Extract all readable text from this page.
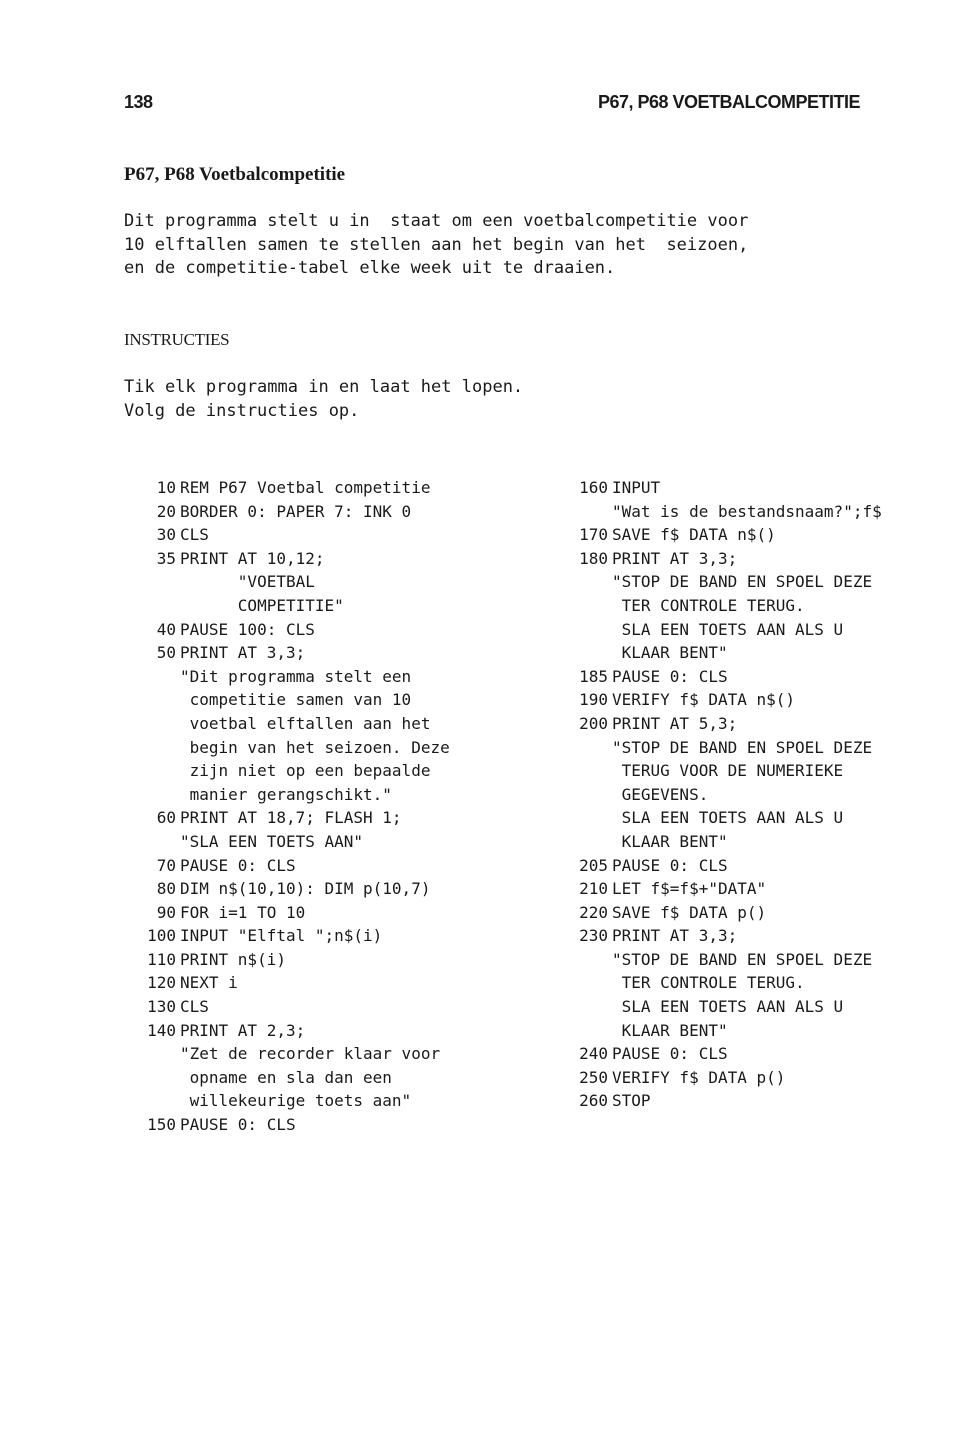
138	P67, P68 VOETBALCOMPETITIE
P67, P68 Voetbalcompetitie

Dit programma stelt u in  staat om een voetbalcompetitie voor
10 elftallen samen te stellen aan het begin van het  seizoen,
en de competitie-tabel elke week uit te draaien.

INSTRUCTIES

Tik elk programma in en laat het lopen.
Volg de instructies op.

10 REM P67 Voetbal competitie
20 BORDER 0: PAPER 7: INK 0
30 CLS
35 PRINT AT 10,12;
"VOETBAL
COMPETITIE"
40 PAUSE 100: CLS
50 PRINT AT 3,3;
"Dit programma stelt een
competitie samen van 10
voetbal elftallen aan het
begin van het seizoen. Deze
zijn niet op een bepaalde
manier gerangschikt."
60 PRINT AT 18,7; FLASH 1;
"SLA EEN TOETS AAN"
70 PAUSE 0: CLS
80 DIM n$(10,10): DIM p(10,7)
90 FOR i=1 TO 10
100 INPUT "Elftal ";n$(i)
110 PRINT n$(i)
120 NEXT i
130 CLS
140 PRINT AT 2,3;
"Zet de recorder klaar voor
opname en sla dan een
willekeurige toets aan"
150 PAUSE 0: CLS
160 INPUT
"Wat is de bestandsnaam?";f$
170 SAVE f$ DATA n$()
180 PRINT AT 3,3;
"STOP DE BAND EN SPOEL DEZE
TER CONTROLE TERUG.
SLA EEN TOETS AAN ALS U
KLAAR BENT"
185 PAUSE 0: CLS
190 VERIFY f$ DATA n$()
200 PRINT AT 5,3;
"STOP DE BAND EN SPOEL DEZE
TERUG VOOR DE NUMERIEKE
GEGEVENS.
SLA EEN TOETS AAN ALS U
KLAAR BENT"
205 PAUSE 0: CLS
210 LET f$=f$+"DATA"
220 SAVE f$ DATA p()
230 PRINT AT 3,3;
"STOP DE BAND EN SPOEL DEZE
TER CONTROLE TERUG.
SLA EEN TOETS AAN ALS U
KLAAR BENT"
240 PAUSE 0: CLS
250 VERIFY f$ DATA p()
260 STOP
